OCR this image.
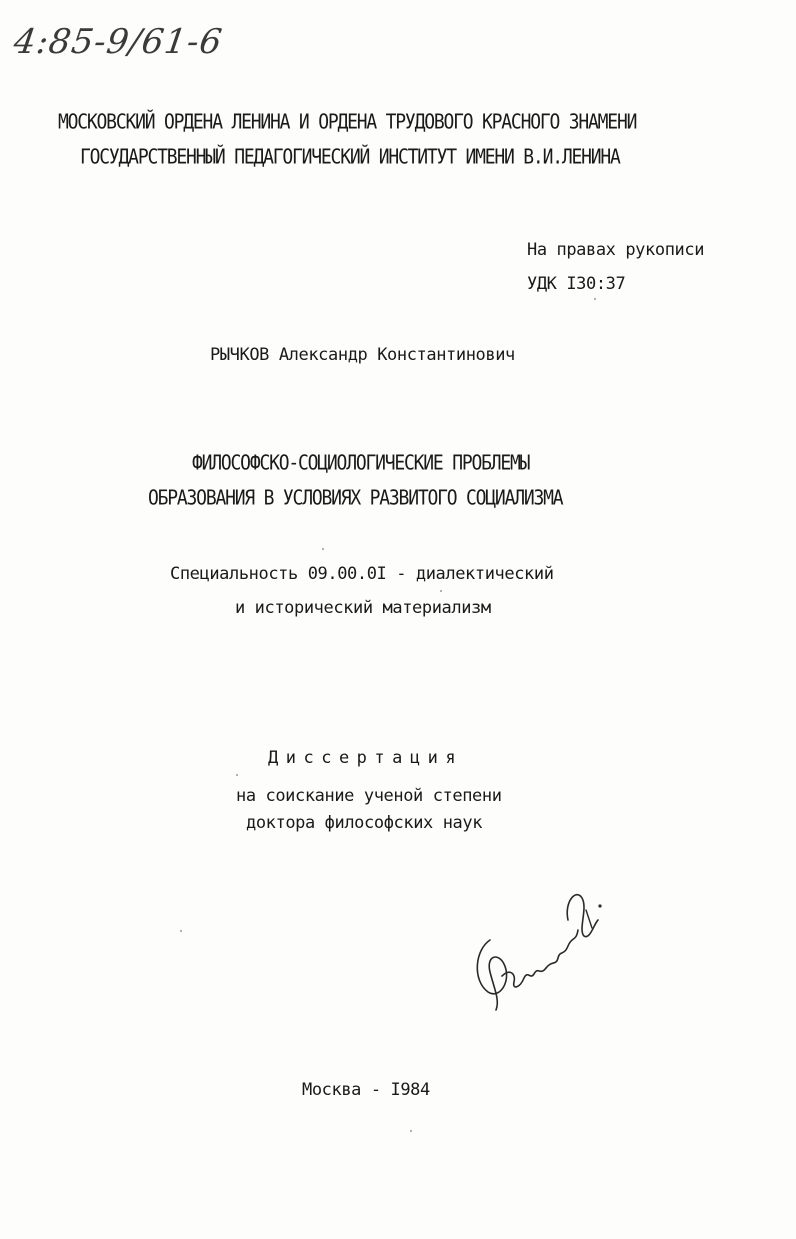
4:85-9/61-6
МОСКОВСКИЙ ОРДЕНА ЛЕНИНА И ОРДЕНА ТРУДОВОГО КРАСНОГО ЗНАМЕНИ
ГОСУДАРСТВЕННЫЙ ПЕДАГОГИЧЕСКИЙ ИНСТИТУТ ИМЕНИ В.И.ЛЕНИНА
На правах рукописи
УДК I30:37
РЫЧКОВ Александр Константинович
ФИЛОСОФСКО-СОЦИОЛОГИЧЕСКИЕ ПРОБЛЕМЫ
ОБРАЗОВАНИЯ В УСЛОВИЯХ РАЗВИТОГО СОЦИАЛИЗМА
Специальность 09.00.0I - диалектический
и исторический материализм
Диссертация
на соискание ученой степени
доктора философских наук
Москва - I984
